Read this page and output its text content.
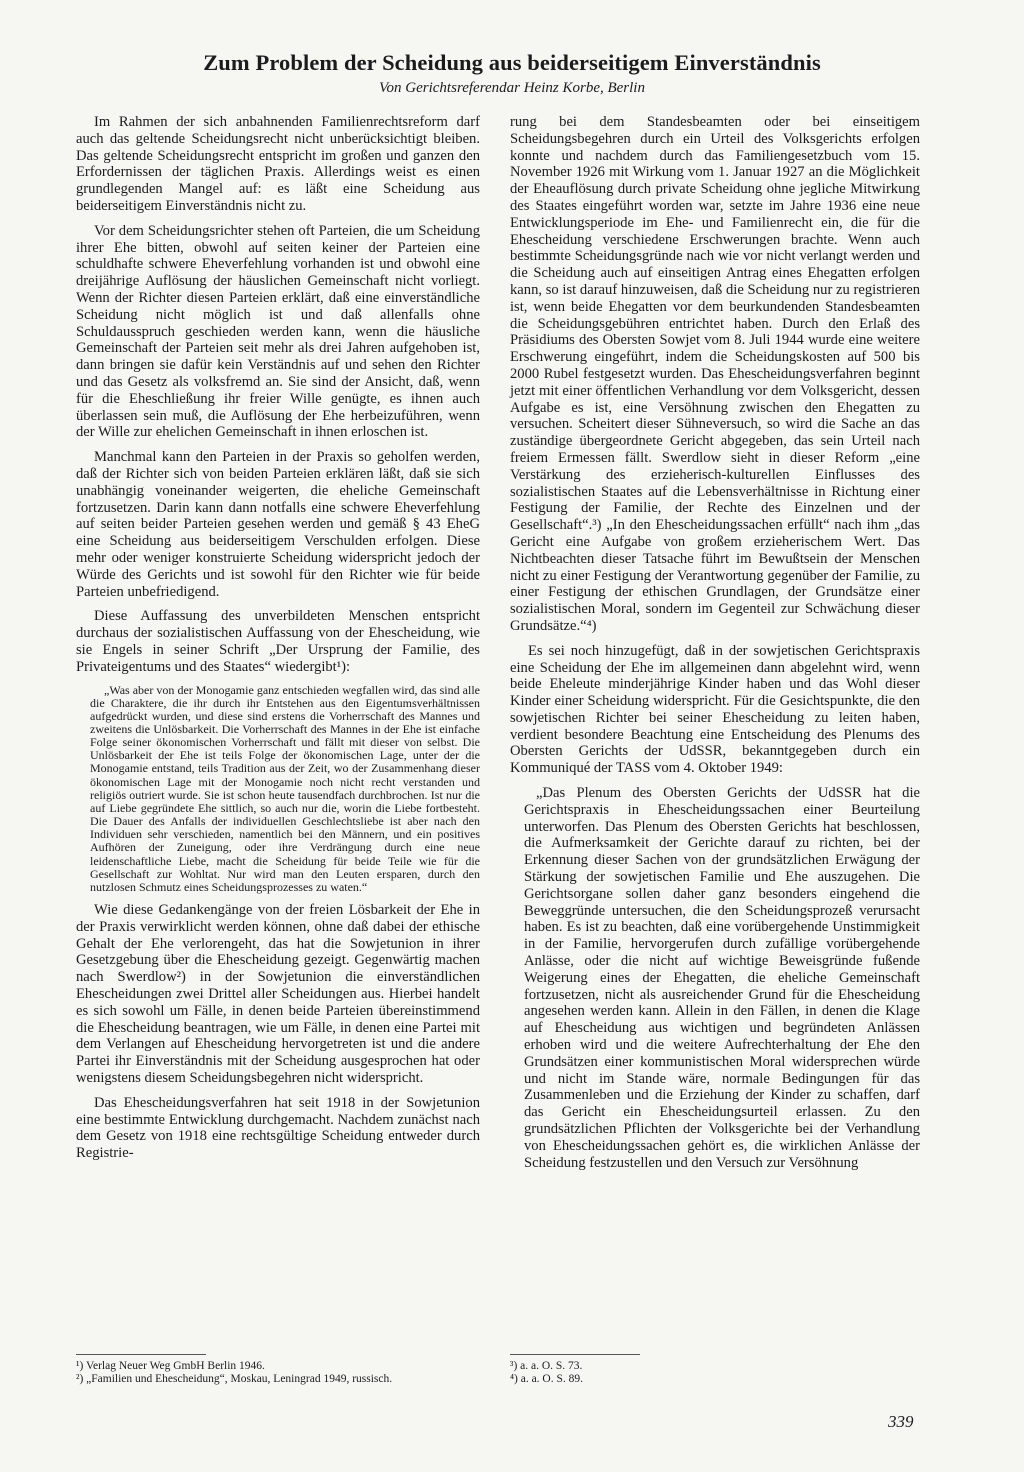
Zum Problem der Scheidung aus beiderseitigem Einverständnis
Von Gerichtsreferendar Heinz Korbe, Berlin

Im Rahmen der sich anbahnenden Familienrechtsreform darf auch das geltende Scheidungsrecht nicht unberücksichtigt bleiben. Das geltende Scheidungsrecht entspricht im großen und ganzen den Erfordernissen der täglichen Praxis. Allerdings weist es einen grundlegenden Mangel auf: es läßt eine Scheidung aus beiderseitigem Einverständnis nicht zu.

Vor dem Scheidungsrichter stehen oft Parteien, die um Scheidung ihrer Ehe bitten, obwohl auf seiten keiner der Parteien eine schuldhafte schwere Eheverfehlung vorhanden ist und obwohl eine dreijährige Auflösung der häuslichen Gemeinschaft nicht vorliegt. Wenn der Richter diesen Parteien erklärt, daß eine einverständliche Scheidung nicht möglich ist und daß allenfalls ohne Schuldausspruch geschieden werden kann, wenn die häusliche Gemeinschaft der Parteien seit mehr als drei Jahren aufgehoben ist, dann bringen sie dafür kein Verständnis auf und sehen den Richter und das Gesetz als volksfremd an. Sie sind der Ansicht, daß, wenn für die Eheschließung ihr freier Wille genügte, es ihnen auch überlassen sein muß, die Auflösung der Ehe herbeizuführen, wenn der Wille zur ehelichen Gemeinschaft in ihnen erloschen ist.

Manchmal kann den Parteien in der Praxis so geholfen werden, daß der Richter sich von beiden Parteien erklären läßt, daß sie sich unabhängig voneinander weigerten, die eheliche Gemeinschaft fortzusetzen. Darin kann dann notfalls eine schwere Eheverfehlung auf seiten beider Parteien gesehen werden und gemäß § 43 EheG eine Scheidung aus beiderseitigem Verschulden erfolgen. Diese mehr oder weniger konstruierte Scheidung widerspricht jedoch der Würde des Gerichts und ist sowohl für den Richter wie für beide Parteien unbefriedigend.

Diese Auffassung des unverbildeten Menschen entspricht durchaus der sozialistischen Auffassung von der Ehescheidung, wie sie Engels in seiner Schrift „Der Ursprung der Familie, des Privateigentums und des Staates“ wiedergibt¹):

„Was aber von der Monogamie ganz entschieden wegfallen wird, das sind alle die Charaktere, die ihr durch ihr Entstehen aus den Eigentumsverhältnissen aufgedrückt wurden, und diese sind erstens die Vorherrschaft des Mannes und zweitens die Unlösbarkeit. Die Vorherrschaft des Mannes in der Ehe ist einfache Folge seiner ökonomischen Vorherrschaft und fällt mit dieser von selbst. Die Unlösbarkeit der Ehe ist teils Folge der ökonomischen Lage, unter der die Monogamie entstand, teils Tradition aus der Zeit, wo der Zusammenhang dieser ökonomischen Lage mit der Monogamie noch nicht recht verstanden und religiös outriert wurde. Sie ist schon heute tausendfach durchbrochen. Ist nur die auf Liebe gegründete Ehe sittlich, so auch nur die, worin die Liebe fortbesteht. Die Dauer des Anfalls der individuellen Geschlechtsliebe ist aber nach den Individuen sehr verschieden, namentlich bei den Männern, und ein positives Aufhören der Zuneigung, oder ihre Verdrängung durch eine neue leidenschaftliche Liebe, macht die Scheidung für beide Teile wie für die Gesellschaft zur Wohltat. Nur wird man den Leuten ersparen, durch den nutzlosen Schmutz eines Scheidungsprozesses zu waten.“

Wie diese Gedankengänge von der freien Lösbarkeit der Ehe in der Praxis verwirklicht werden können, ohne daß dabei der ethische Gehalt der Ehe verlorengeht, das hat die Sowjetunion in ihrer Gesetzgebung über die Ehescheidung gezeigt. Gegenwärtig machen nach Swerdlow²) in der Sowjetunion die einverständlichen Ehescheidungen zwei Drittel aller Scheidungen aus. Hierbei handelt es sich sowohl um Fälle, in denen beide Parteien übereinstimmend die Ehescheidung beantragen, wie um Fälle, in denen eine Partei mit dem Verlangen auf Ehescheidung hervorgetreten ist und die andere Partei ihr Einverständnis mit der Scheidung ausgesprochen hat oder wenigstens diesem Scheidungsbegehren nicht widerspricht.

Das Ehescheidungsverfahren hat seit 1918 in der Sowjetunion eine bestimmte Entwicklung durchgemacht. Nachdem zunächst nach dem Gesetz von 1918 eine rechtsgültige Scheidung entweder durch Registrie-

rung bei dem Standesbeamten oder bei einseitigem Scheidungsbegehren durch ein Urteil des Volksgerichts erfolgen konnte und nachdem durch das Familiengesetzbuch vom 15. November 1926 mit Wirkung vom 1. Januar 1927 an die Möglichkeit der Eheauflösung durch private Scheidung ohne jegliche Mitwirkung des Staates eingeführt worden war, setzte im Jahre 1936 eine neue Entwicklungsperiode im Ehe- und Familienrecht ein, die für die Ehescheidung verschiedene Erschwerungen brachte. Wenn auch bestimmte Scheidungsgründe nach wie vor nicht verlangt werden und die Scheidung auch auf einseitigen Antrag eines Ehegatten erfolgen kann, so ist darauf hinzuweisen, daß die Scheidung nur zu registrieren ist, wenn beide Ehegatten vor dem beurkundenden Standesbeamten die Scheidungsgebühren entrichtet haben. Durch den Erlaß des Präsidiums des Obersten Sowjet vom 8. Juli 1944 wurde eine weitere Erschwerung eingeführt, indem die Scheidungskosten auf 500 bis 2000 Rubel festgesetzt wurden. Das Ehescheidungsverfahren beginnt jetzt mit einer öffentlichen Verhandlung vor dem Volksgericht, dessen Aufgabe es ist, eine Versöhnung zwischen den Ehegatten zu versuchen. Scheitert dieser Sühneversuch, so wird die Sache an das zuständige übergeordnete Gericht abgegeben, das sein Urteil nach freiem Ermessen fällt. Swerdlow sieht in dieser Reform „eine Verstärkung des erzieherisch-kulturellen Einflusses des sozialistischen Staates auf die Lebensverhältnisse in Richtung einer Festigung der Familie, der Rechte des Einzelnen und der Gesellschaft“.³) „In den Ehescheidungssachen erfüllt“ nach ihm „das Gericht eine Aufgabe von großem erzieherischem Wert. Das Nichtbeachten dieser Tatsache führt im Bewußtsein der Menschen nicht zu einer Festigung der Verantwortung gegenüber der Familie, zu einer Festigung der ethischen Grundlagen, der Grundsätze einer sozialistischen Moral, sondern im Gegenteil zur Schwächung dieser Grundsätze.“⁴)

Es sei noch hinzugefügt, daß in der sowjetischen Gerichtspraxis eine Scheidung der Ehe im allgemeinen dann abgelehnt wird, wenn beide Eheleute minderjährige Kinder haben und das Wohl dieser Kinder einer Scheidung widerspricht. Für die Gesichtspunkte, die den sowjetischen Richter bei seiner Ehescheidung zu leiten haben, verdient besondere Beachtung eine Entscheidung des Plenums des Obersten Gerichts der UdSSR, bekanntgegeben durch ein Kommuniqué der TASS vom 4. Oktober 1949:

„Das Plenum des Obersten Gerichts der UdSSR hat die Gerichtspraxis in Ehescheidungssachen einer Beurteilung unterworfen. Das Plenum des Obersten Gerichts hat beschlossen, die Aufmerksamkeit der Gerichte darauf zu richten, bei der Erkennung dieser Sachen von der grundsätzlichen Erwägung der Stärkung der sowjetischen Familie und Ehe auszugehen. Die Gerichtsorgane sollen daher ganz besonders eingehend die Beweggründe untersuchen, die den Scheidungsprozeß verursacht haben. Es ist zu beachten, daß eine vorübergehende Unstimmigkeit in der Familie, hervorgerufen durch zufällige vorübergehende Anlässe, oder die nicht auf wichtige Beweisgründe fußende Weigerung eines der Ehegatten, die eheliche Gemeinschaft fortzusetzen, nicht als ausreichender Grund für die Ehescheidung angesehen werden kann. Allein in den Fällen, in denen die Klage auf Ehescheidung aus wichtigen und begründeten Anlässen erhoben wird und die weitere Aufrechterhaltung der Ehe den Grundsätzen einer kommunistischen Moral widersprechen würde und nicht im Stande wäre, normale Bedingungen für das Zusammenleben und die Erziehung der Kinder zu schaffen, darf das Gericht ein Ehescheidungsurteil erlassen. Zu den grundsätzlichen Pflichten der Volksgerichte bei der Verhandlung von Ehescheidungssachen gehört es, die wirklichen Anlässe der Scheidung festzustellen und den Versuch zur Versöhnung

¹) Verlag Neuer Weg GmbH Berlin 1946.
²) „Familien und Ehescheidung“, Moskau, Leningrad 1949, russisch.
³) a. a. O. S. 73.
⁴) a. a. O. S. 89.
339
